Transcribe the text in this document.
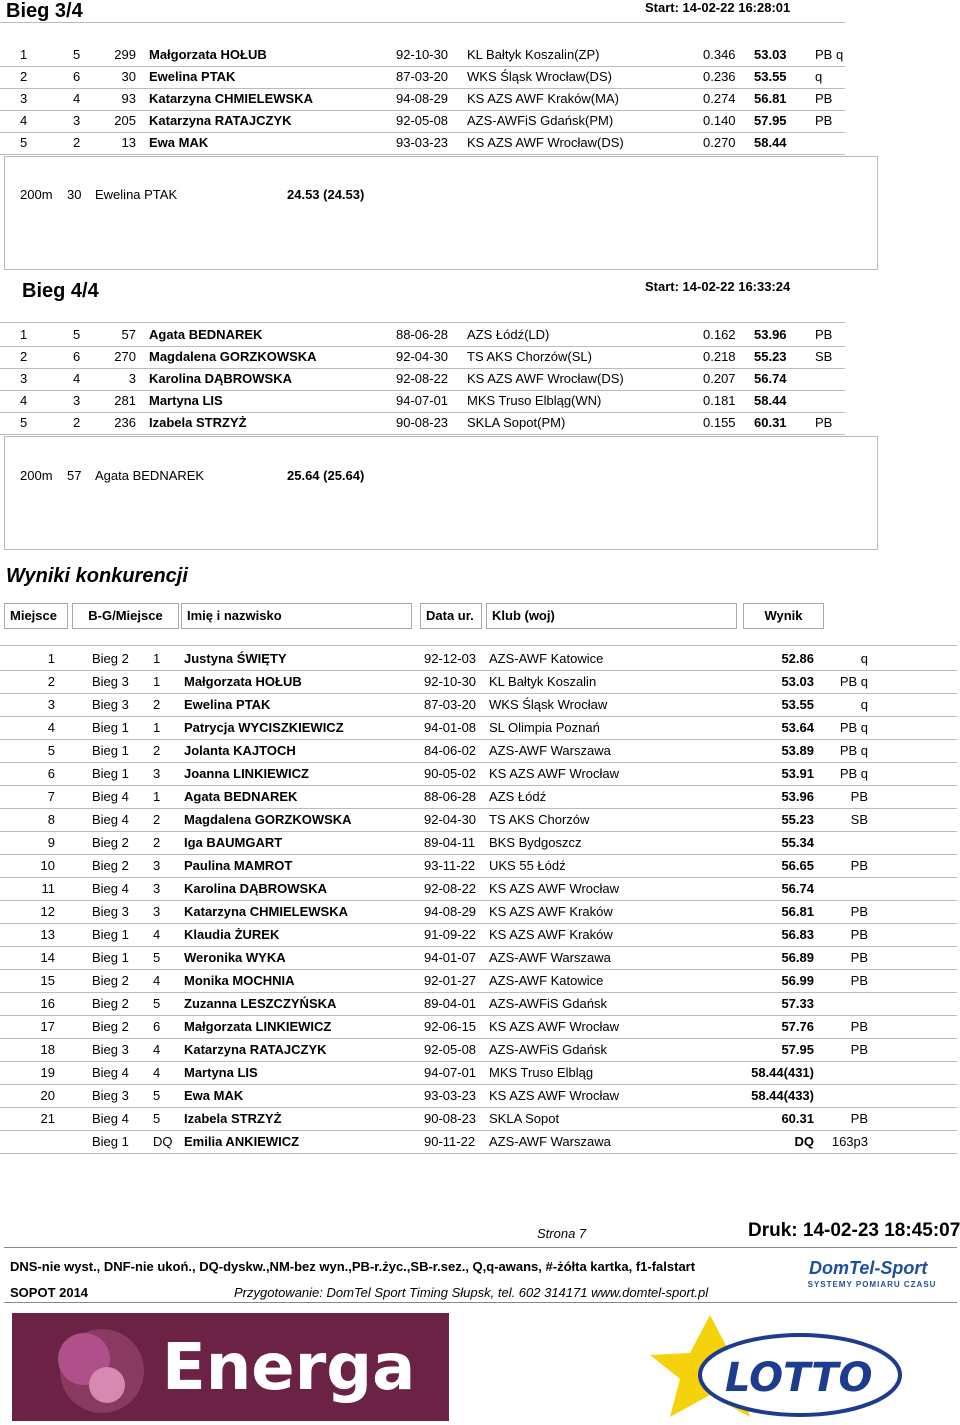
Bieg 3/4	Start: 14-02-22 16:28:01
1	5	299 Małgorzata HOŁUB	92-10-30 KL Bałtyk Koszalin(ZP)	0.346 53.03 PB q
2	6	30 Ewelina PTAK	87-03-20 WKS Śląsk Wrocław(DS)	0.236 53.55 q
3	4	93 Katarzyna CHMIELEWSKA	94-08-29 KS AZS AWF Kraków(MA)	0.274 56.81 PB
4	3	205 Katarzyna RATAJCZYK	92-05-08 AZS-AWFiS Gdańsk(PM)	0.140 57.95 PB
5	2	13 Ewa MAK	93-03-23 KS AZS AWF Wrocław(DS)	0.270 58.44
200m 30 Ewelina PTAK	24.53 (24.53)
Bieg 4/4	Start: 14-02-22 16:33:24
1	5	57 Agata BEDNAREK	88-06-28 AZS Łódź(LD)	0.162 53.96 PB
2	6	270 Magdalena GORZKOWSKA	92-04-30 TS AKS Chorzów(SL)	0.218 55.23 SB
3	4	3 Karolina DĄBROWSKA	92-08-22 KS AZS AWF Wrocław(DS)	0.207 56.74
4	3	281 Martyna LIS	94-07-01 MKS Truso Elbląg(WN)	0.181 58.44
5	2	236 Izabela STRZYŻ	90-08-23 SKLA Sopot(PM)	0.155 60.31 PB
200m 57 Agata BEDNAREK	25.64 (25.64)
Wyniki konkurencji
Miejsce	B-G/Miejsce	Imię i nazwisko	Data ur.	Klub (woj)	Wynik
1	Bieg 2 1 Justyna ŚWIĘTY	92-12-03 AZS-AWF Katowice	52.86	q
2	Bieg 3 1 Małgorzata HOŁUB	92-10-30 KL Bałtyk Koszalin	53.03 PB q
3	Bieg 3 2 Ewelina PTAK	87-03-20 WKS Śląsk Wrocław	53.55	q
4	Bieg 1 1 Patrycja WYCISZKIEWICZ	94-01-08 SL Olimpia Poznań	53.64 PB q
5	Bieg 1 2 Jolanta KAJTOCH	84-06-02 AZS-AWF Warszawa	53.89 PB q
6	Bieg 1 3 Joanna LINKIEWICZ	90-05-02 KS AZS AWF Wrocław	53.91 PB q
7	Bieg 4 1 Agata BEDNAREK	88-06-28 AZS Łódź	53.96	PB
8	Bieg 4 2 Magdalena GORZKOWSKA	92-04-30 TS AKS Chorzów	55.23	SB
9	Bieg 2 2 Iga BAUMGART	89-04-11 BKS Bydgoszcz	55.34
10	Bieg 2 3 Paulina MAMROT	93-11-22 UKS 55 Łódź	56.65	PB
11	Bieg 4 3 Karolina DĄBROWSKA	92-08-22 KS AZS AWF Wrocław	56.74
12	Bieg 3 3 Katarzyna CHMIELEWSKA	94-08-29 KS AZS AWF Kraków	56.81	PB
13	Bieg 1 4 Klaudia ŻUREK	91-09-22 KS AZS AWF Kraków	56.83	PB
14	Bieg 1 5 Weronika WYKA	94-01-07 AZS-AWF Warszawa	56.89	PB
15	Bieg 2 4 Monika MOCHNIA	92-01-27 AZS-AWF Katowice	56.99	PB
16	Bieg 2 5 Zuzanna LESZCZYŃSKA	89-04-01 AZS-AWFiS Gdańsk	57.33
17	Bieg 2 6 Małgorzata LINKIEWICZ	92-06-15 KS AZS AWF Wrocław	57.76	PB
18	Bieg 3 4 Katarzyna RATAJCZYK	92-05-08 AZS-AWFiS Gdańsk	57.95	PB
19	Bieg 4 4 Martyna LIS	94-07-01 MKS Truso Elbląg	58.44(431)
20	Bieg 3 5 Ewa MAK	93-03-23 KS AZS AWF Wrocław	58.44(433)
21	Bieg 4 5 Izabela STRZYŻ	90-08-23 SKLA Sopot	60.31	PB
Bieg 1 DQ Emilia ANKIEWICZ	90-11-22 AZS-AWF Warszawa	DQ 163p3
Strona 7	Druk: 14-02-23 18:45:07
DNS-nie wyst., DNF-nie ukoń., DQ-dyskw.,NM-bez wyn.,PB-r.życ.,SB-r.sez., Q,q-awans, #-żółta kartka, f1-falstart
SOPOT 2014	Przygotowanie: DomTel Sport Timing Słupsk, tel. 602 314171 www.domtel-sport.pl
DomTel-Sport
SYSTEMY POMIARU CZASU
Energa	LOTTO
